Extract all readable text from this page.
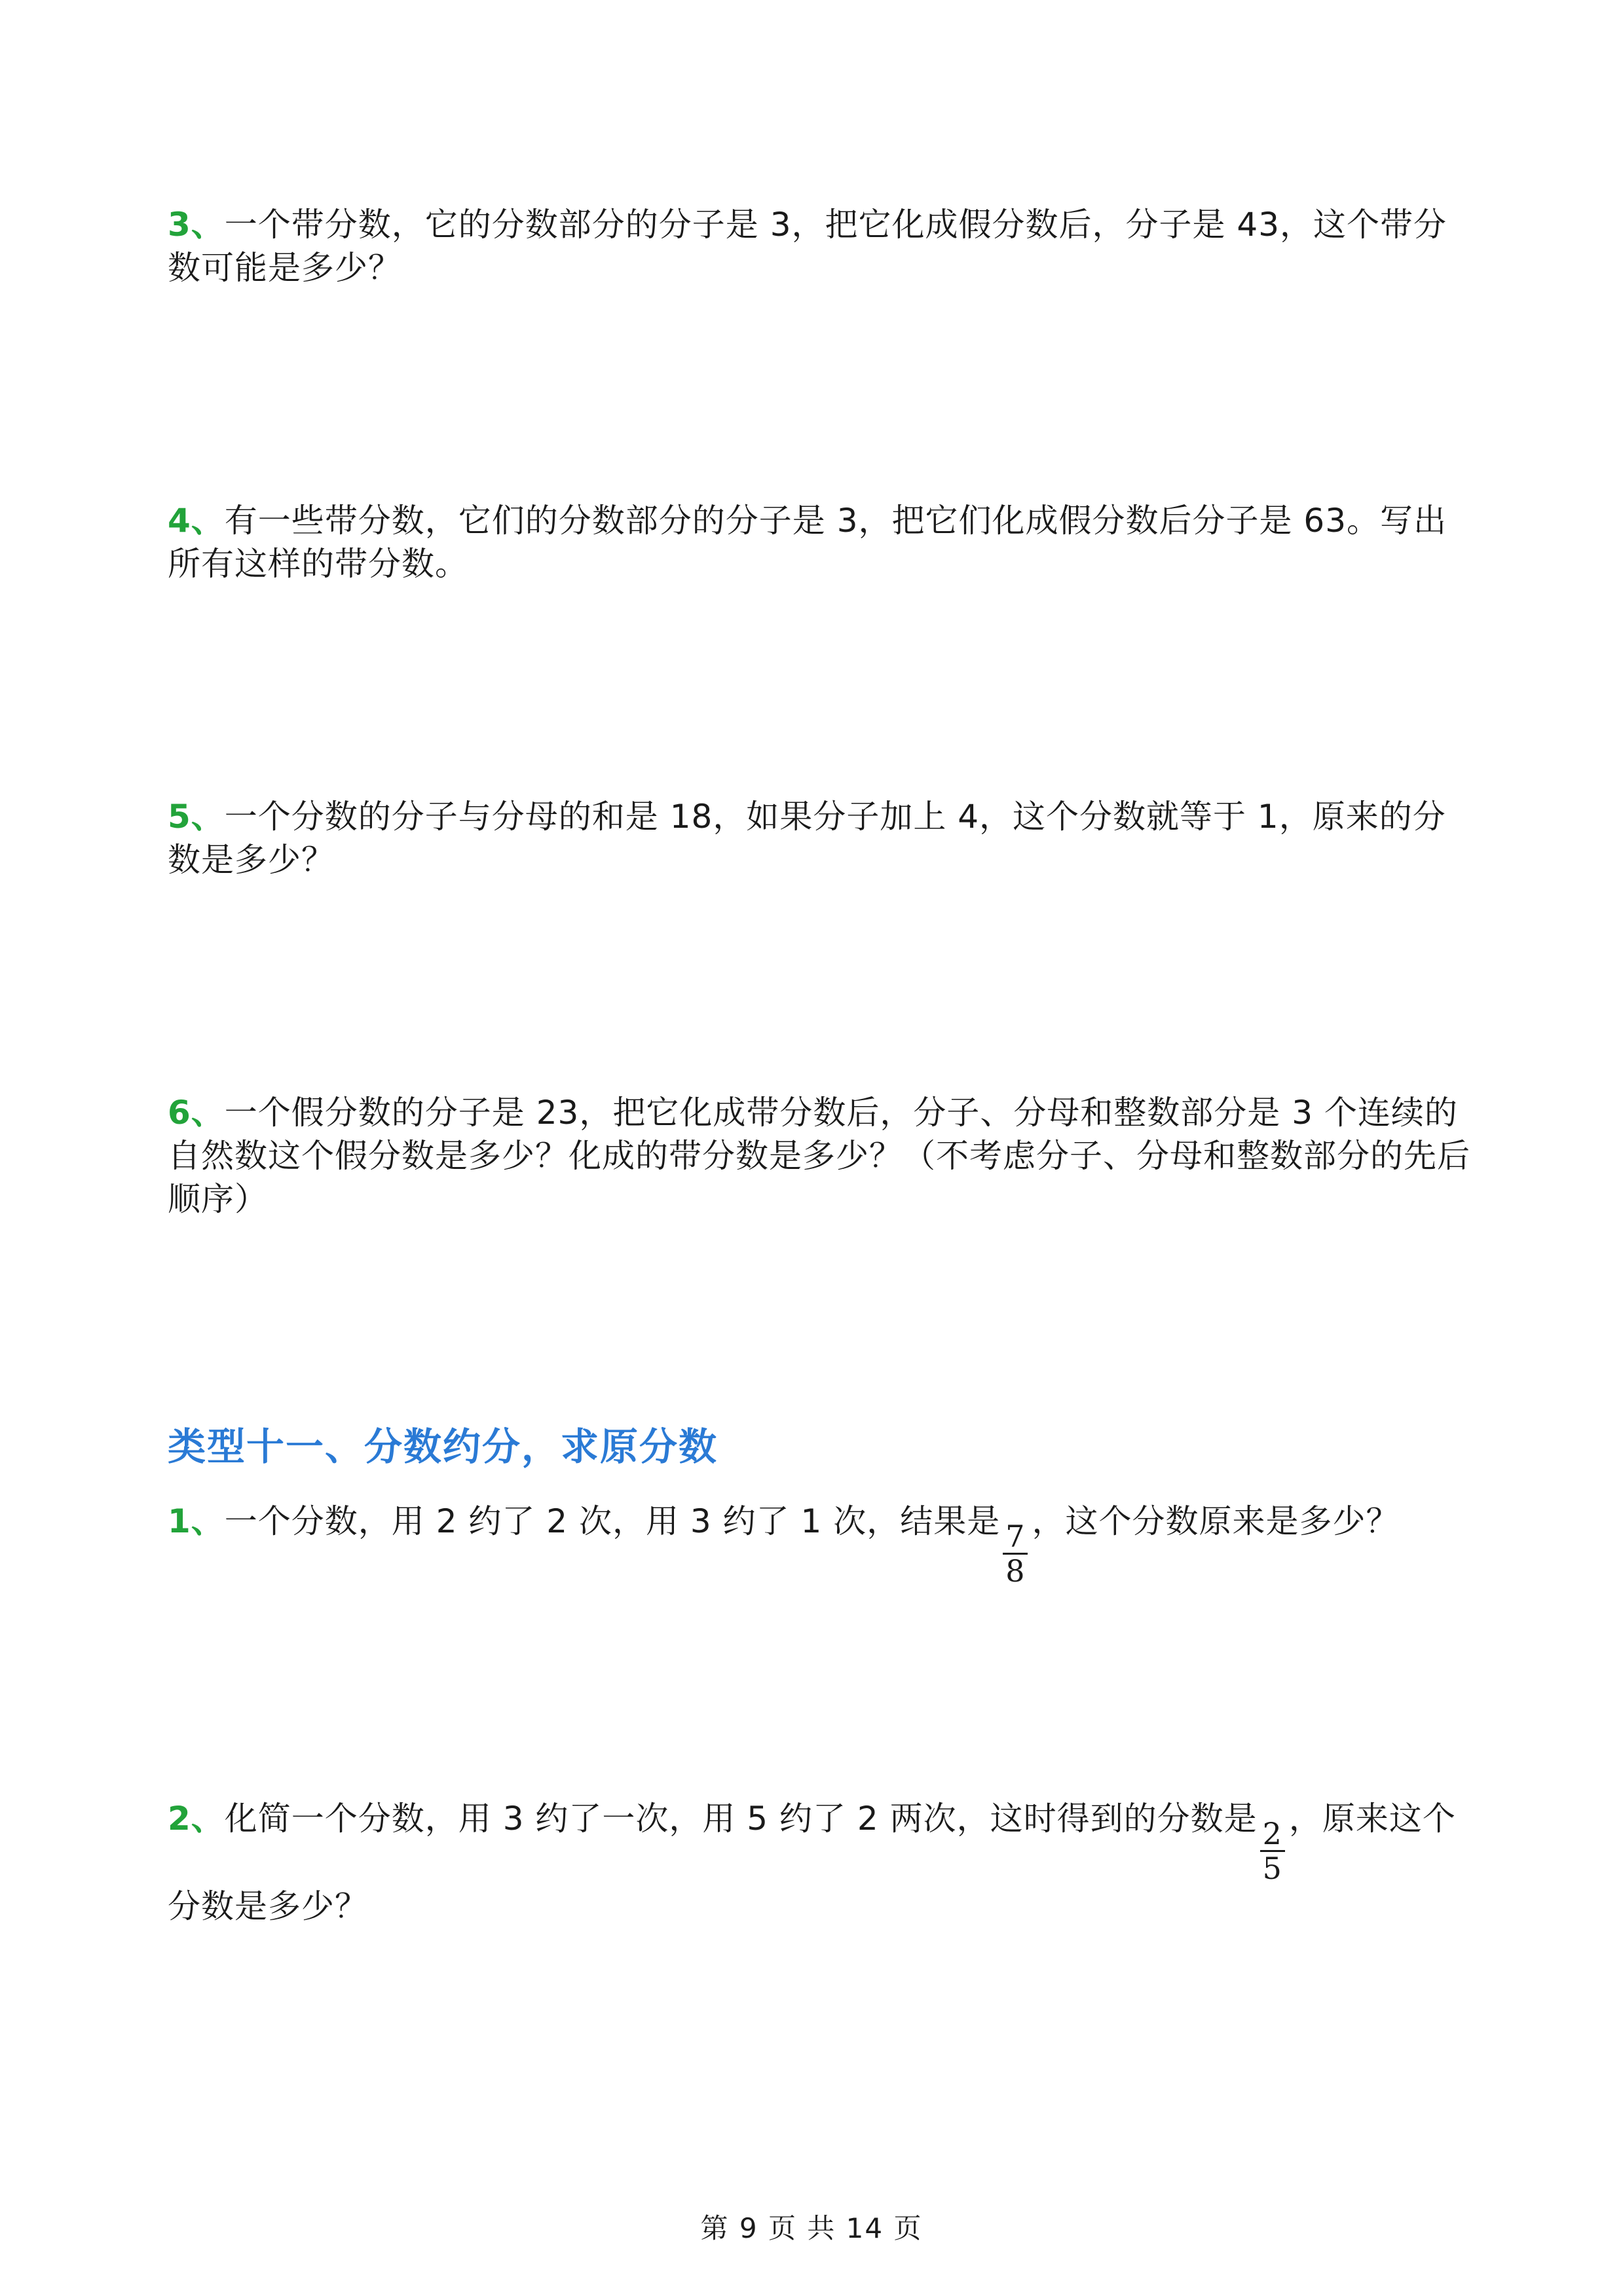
3、一个带分数，它的分数部分的分子是 3，把它化成假分数后，分子是 43，这个带分数可能是多少？
4、有一些带分数，它们的分数部分的分子是 3，把它们化成假分数后分子是 63。写出所有这样的带分数。
5、一个分数的分子与分母的和是 18，如果分子加上 4，这个分数就等于 1，原来的分数是多少？
6、一个假分数的分子是 23，把它化成带分数后，分子、分母和整数部分是 3 个连续的自然数这个假分数是多少？化成的带分数是多少？（不考虑分子、分母和整数部分的先后顺序）
类型十一、分数约分，求原分数
1、一个分数，用 2 约了 2 次，用 3 约了 1 次，结果是 $\frac{7}{8}$ ，这个分数原来是多少？
2、化简一个分数，用 3 约了一次，用 5 约了 2 两次，这时得到的分数是 $\frac{2}{5}$ ，原来这个分数是多少？
第 9 页 共 14 页
